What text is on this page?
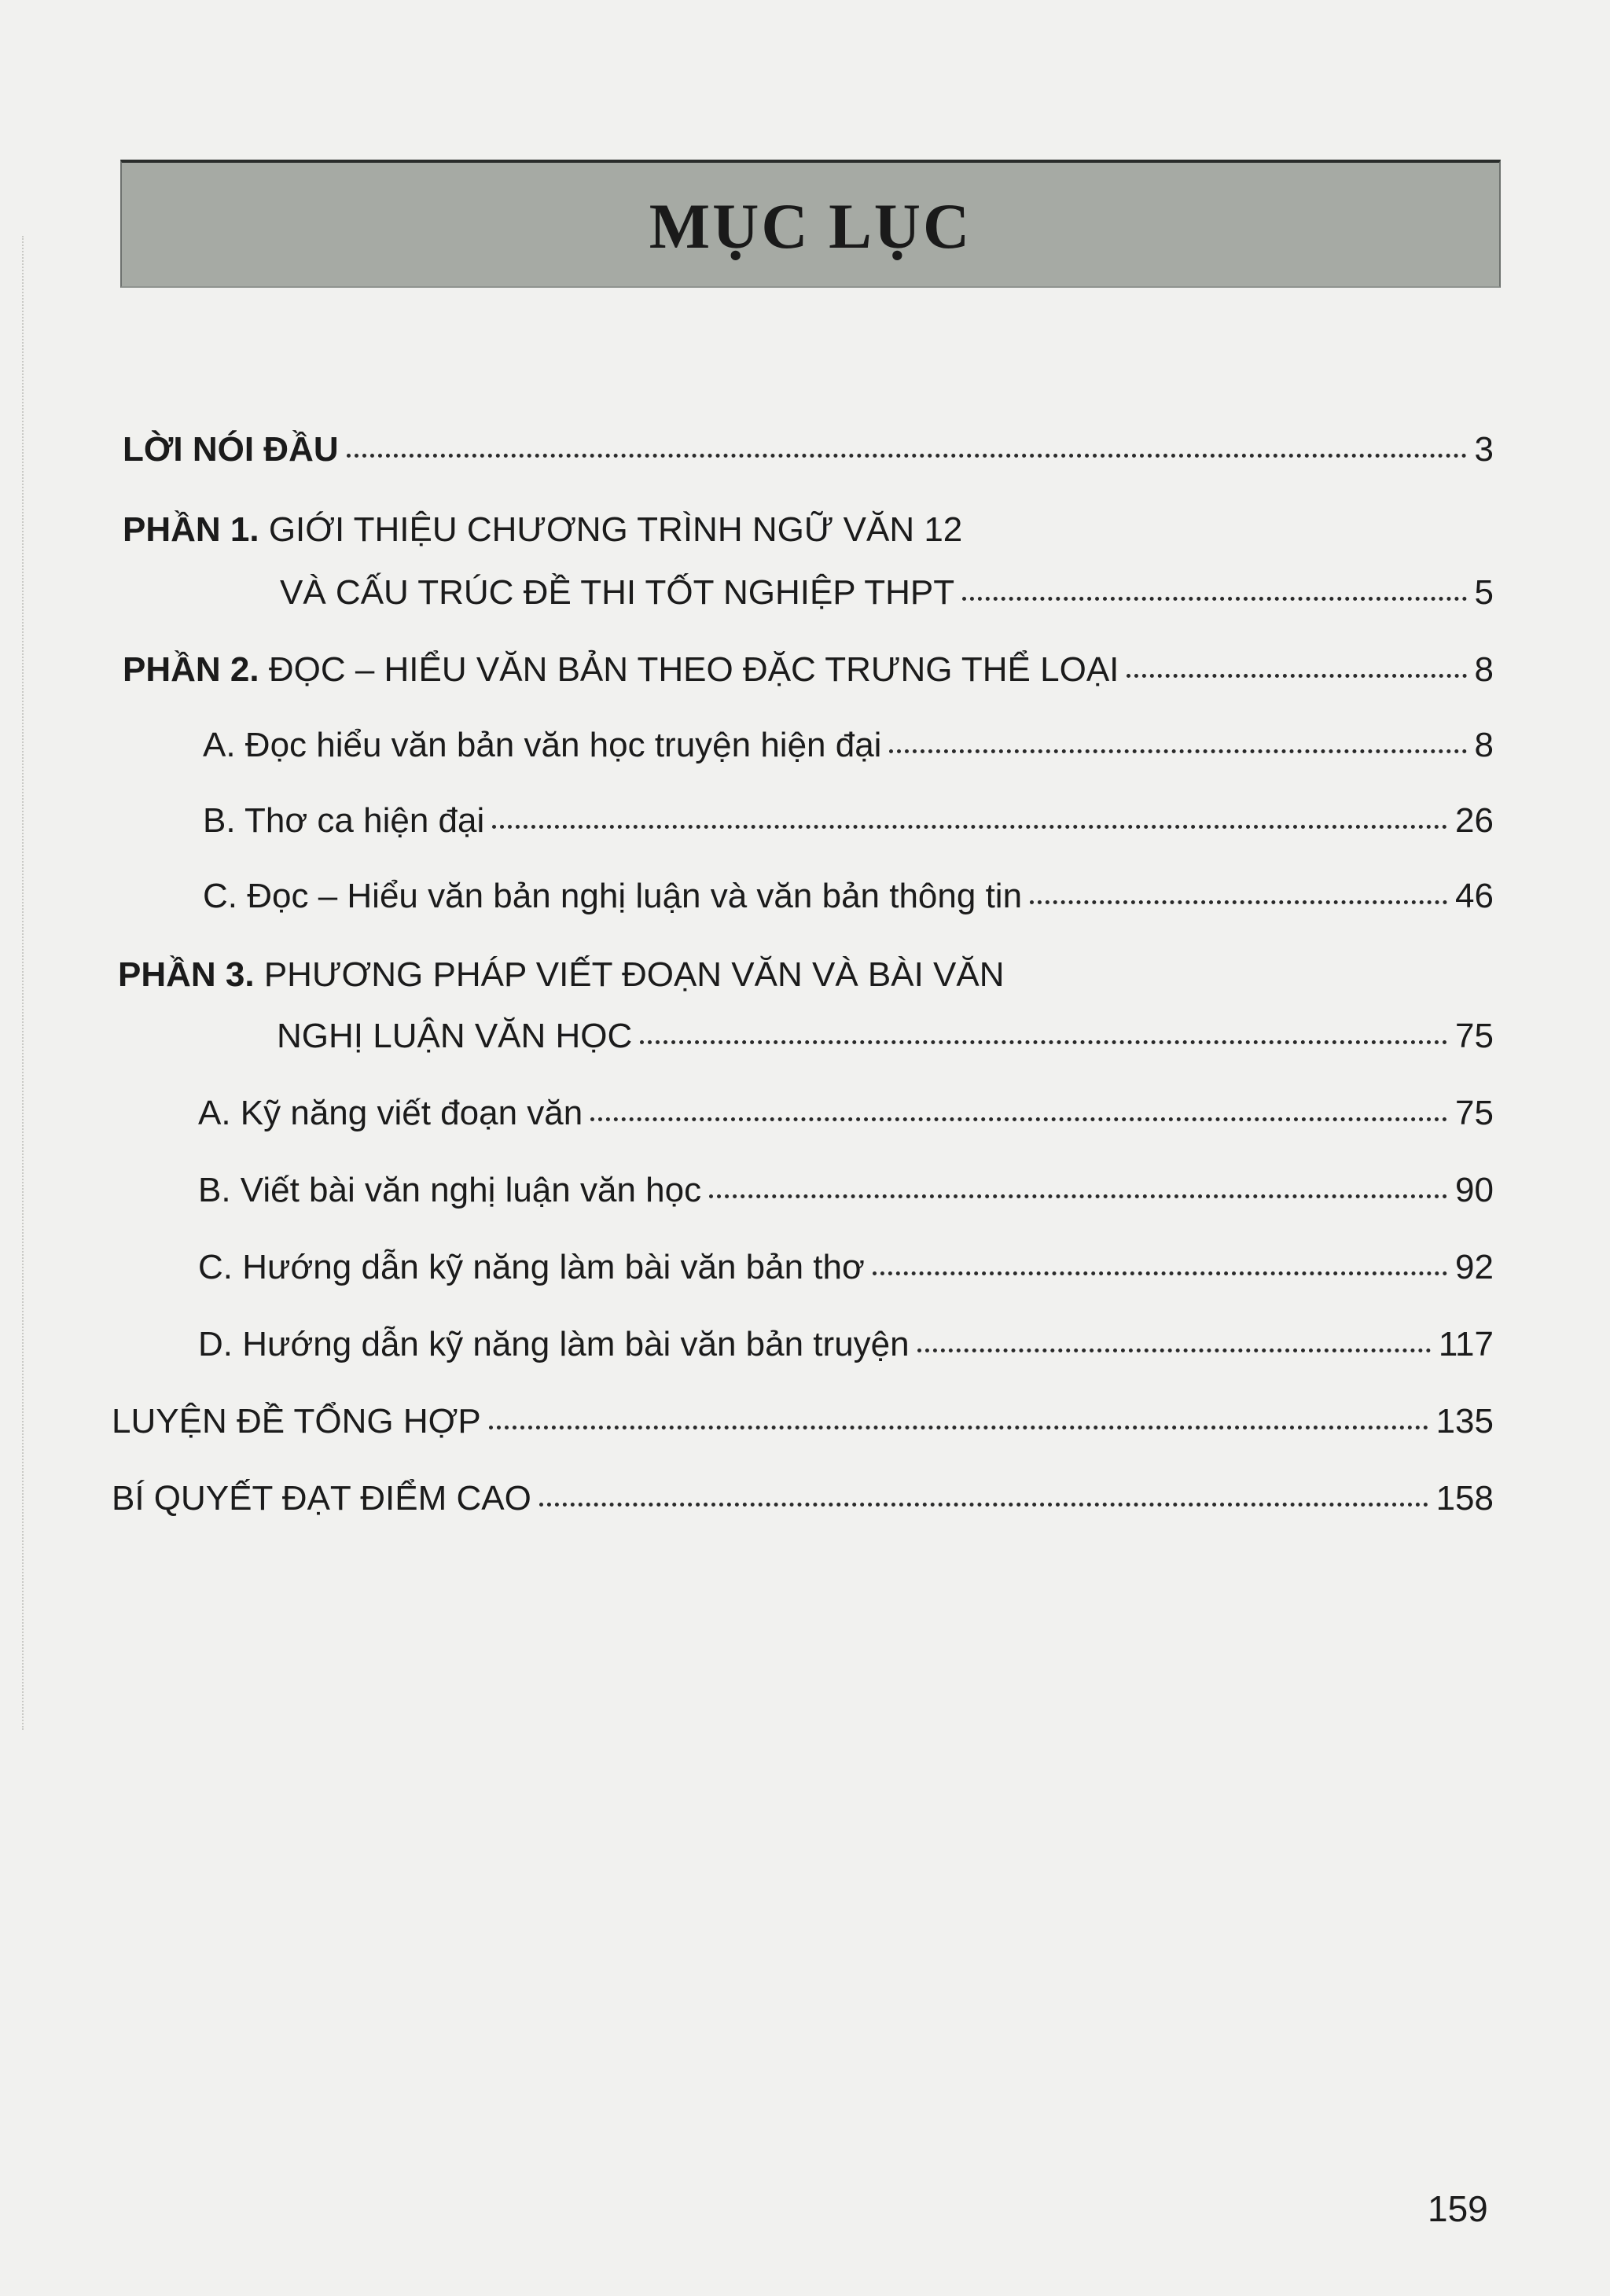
MỤC LỤC
LỜI NÓI ĐẦU	3
PHẦN 1. GIỚI THIỆU CHƯƠNG TRÌNH NGỮ VĂN 12
VÀ CẤU TRÚC ĐỀ THI TỐT NGHIỆP THPT	5
PHẦN 2. ĐỌC – HIỂU VĂN BẢN THEO ĐẶC TRƯNG THỂ LOẠI	8
A. Đọc hiểu văn bản văn học truyện hiện đại	8
B. Thơ ca hiện đại	26
C. Đọc – Hiểu văn bản nghị luận và văn bản thông tin	46
PHẦN 3. PHƯƠNG PHÁP VIẾT ĐOẠN VĂN VÀ BÀI VĂN
NGHỊ LUẬN VĂN HỌC	75
A. Kỹ năng viết đoạn văn	75
B. Viết bài văn nghị luận văn học	90
C. Hướng dẫn kỹ năng làm bài văn bản thơ	92
D. Hướng dẫn kỹ năng làm bài văn bản truyện	117
LUYỆN ĐỀ TỔNG HỢP	135
BÍ QUYẾT ĐẠT ĐIỂM CAO	158
159
